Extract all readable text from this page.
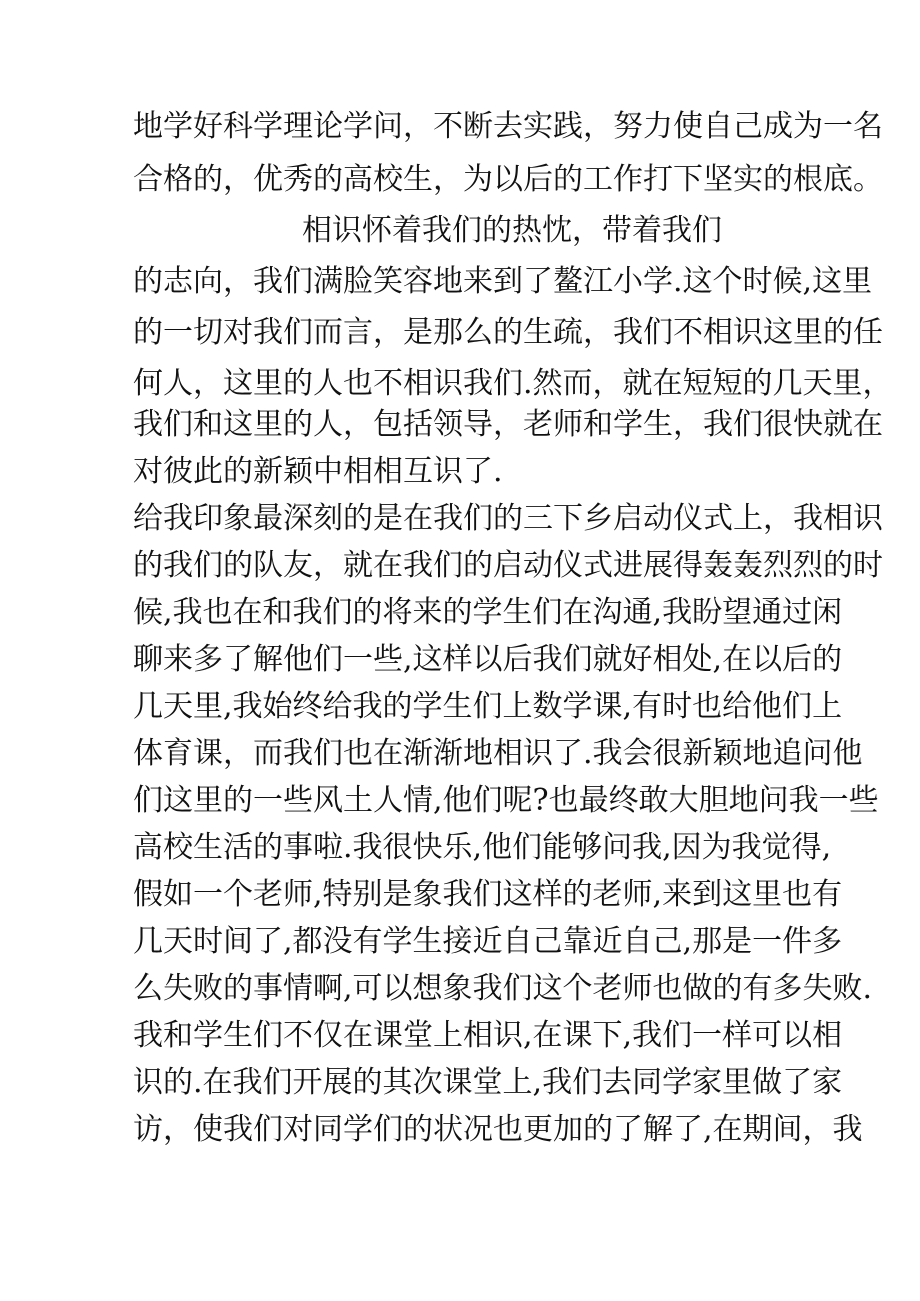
地学好科学理论学问，不断去实践，努力使自己成为一名
合格的，优秀的高校生，为以后的工作打下坚实的根底。
相识怀着我们的热忱，带着我们
的志向，我们满脸笑容地来到了鳌江小学.这个时候,这里
的一切对我们而言，是那么的生疏，我们不相识这里的任
何人，这里的人也不相识我们.然而，就在短短的几天里，
我们和这里的人，包括领导，老师和学生，我们很快就在
对彼此的新颖中相相互识了.
给我印象最深刻的是在我们的三下乡启动仪式上，我相识
的我们的队友，就在我们的启动仪式进展得轰轰烈烈的时
候,我也在和我们的将来的学生们在沟通,我盼望通过闲
聊来多了解他们一些,这样以后我们就好相处,在以后的
几天里,我始终给我的学生们上数学课,有时也给他们上
体育课，而我们也在渐渐地相识了.我会很新颖地追问他
们这里的一些风土人情,他们呢?也最终敢大胆地问我一些
高校生活的事啦.我很快乐,他们能够问我,因为我觉得,
假如一个老师,特别是象我们这样的老师,来到这里也有
几天时间了,都没有学生接近自己靠近自己,那是一件多
么失败的事情啊,可以想象我们这个老师也做的有多失败.
我和学生们不仅在课堂上相识,在课下,我们一样可以相
识的.在我们开展的其次课堂上,我们去同学家里做了家
访，使我们对同学们的状况也更加的了解了,在期间，我
